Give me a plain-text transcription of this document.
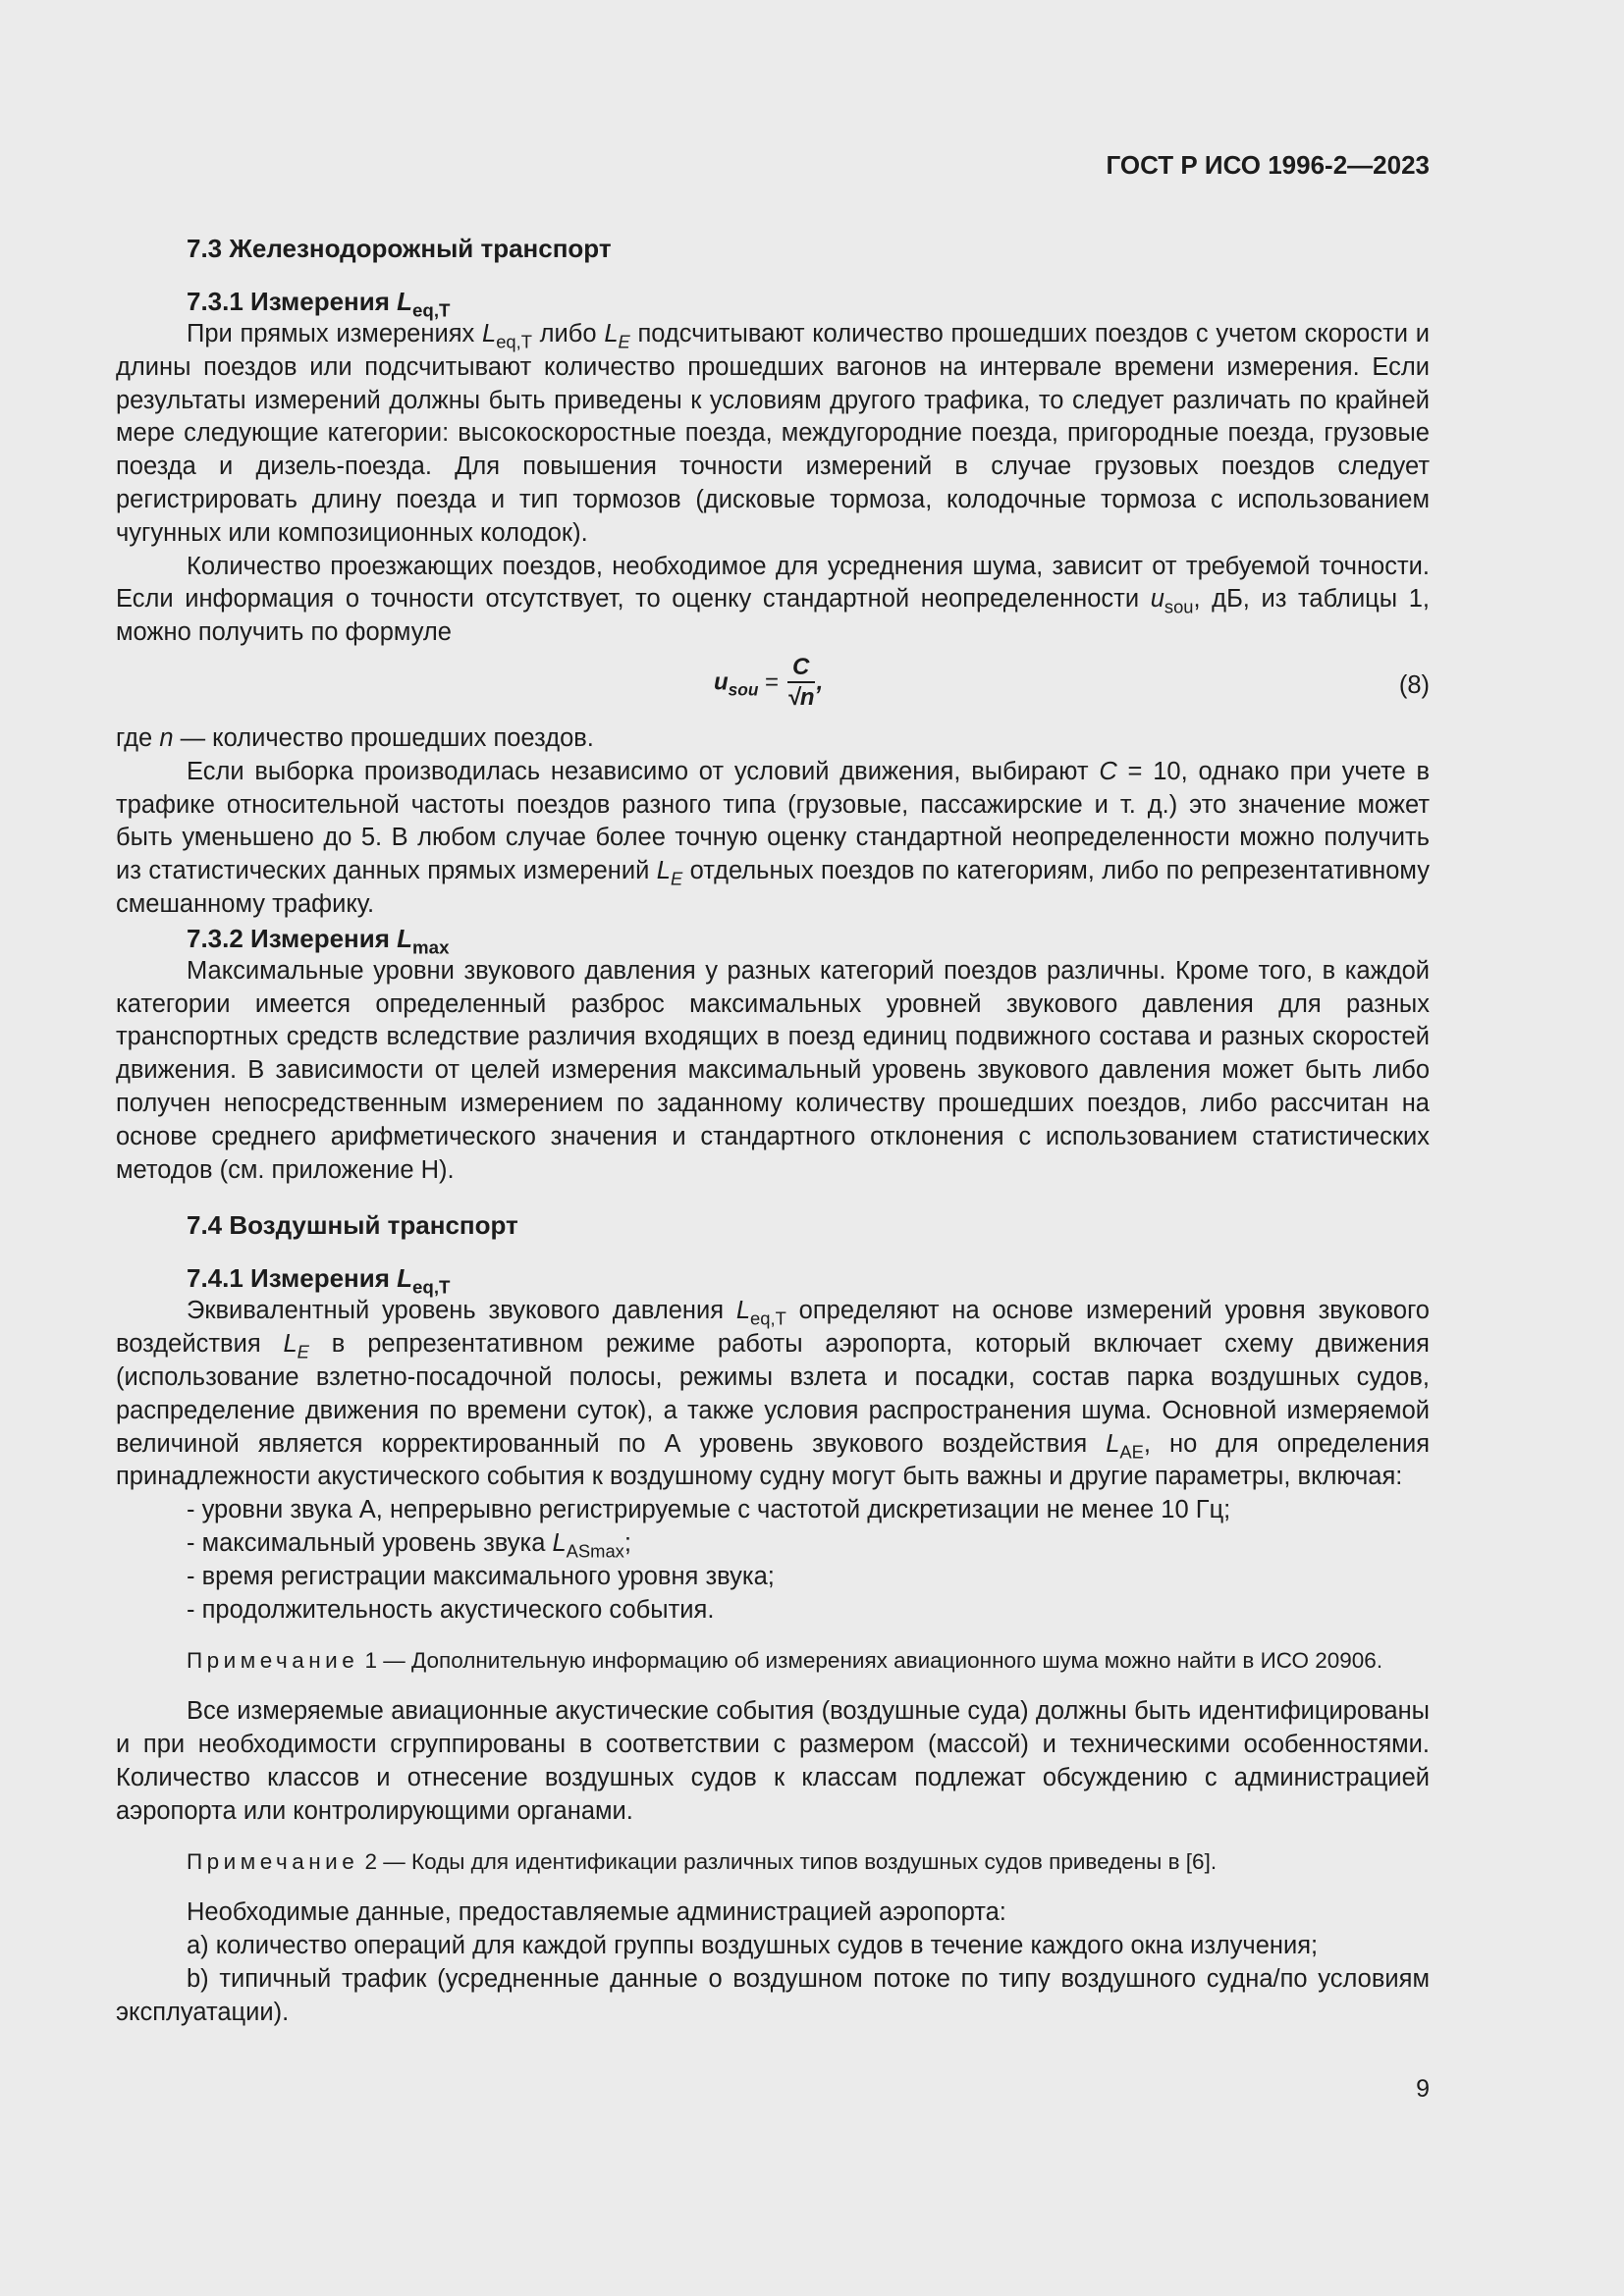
ГОСТ Р ИСО 1996-2—2023
7.3 Железнодорожный транспорт
7.3.1 Измерения $L_{eq,T}$

При прямых измерениях $L_{eq,T}$ либо $L_E$ подсчитывают количество прошедших поездов с учетом скорости и длины поездов или подсчитывают количество прошедших вагонов на интервале времени измерения. Если результаты измерений должны быть приведены к условиям другого трафика, то следует различать по крайней мере следующие категории: высокоскоростные поезда, междугородние поезда, пригородные поезда, грузовые поезда и дизель-поезда. Для повышения точности измерений в случае грузовых поездов следует регистрировать длину поезда и тип тормозов (дисковые тормоза, колодочные тормоза с использованием чугунных или композиционных колодок).

Количество проезжающих поездов, необходимое для усреднения шума, зависит от требуемой точности. Если информация о точности отсутствует, то оценку стандартной неопределенности $u_{sou}$, дБ, из таблицы 1, можно получить по формуле

$u_{sou} = \frac{C}{√n}$ ,	(8)

где n — количество прошедших поездов.

Если выборка производилась независимо от условий движения, выбирают C = 10, однако при учете в трафике относительной частоты поездов разного типа (грузовые, пассажирские и т. д.) это значение может быть уменьшено до 5. В любом случае более точную оценку стандартной неопределенности можно получить из статистических данных прямых измерений $L_E$ отдельных поездов по категориям, либо по репрезентативному смешанному трафику.

7.3.2 Измерения $L_{max}$

Максимальные уровни звукового давления у разных категорий поездов различны. Кроме того, в каждой категории имеется определенный разброс максимальных уровней звукового давления для разных транспортных средств вследствие различия входящих в поезд единиц подвижного состава и разных скоростей движения. В зависимости от целей измерения максимальный уровень звукового давления может быть либо получен непосредственным измерением по заданному количеству прошедших поездов, либо рассчитан на основе среднего арифметического значения и стандартного отклонения с использованием статистических методов (см. приложение Н).

7.4 Воздушный транспорт
7.4.1 Измерения $L_{eq,T}$

Эквивалентный уровень звукового давления $L_{eq,T}$ определяют на основе измерений уровня звукового воздействия $L_E$ в репрезентативном режиме работы аэропорта, который включает схему движения (использование взлетно-посадочной полосы, режимы взлета и посадки, состав парка воздушных судов, распределение движения по времени суток), а также условия распространения шума. Основной измеряемой величиной является корректированный по А уровень звукового воздействия $L_{AE}$, но для определения принадлежности акустического события к воздушному судну могут быть важны и другие параметры, включая:

- уровни звука А, непрерывно регистрируемые с частотой дискретизации не менее 10 Гц;
- максимальный уровень звука $L_{ASmax}$;
- время регистрации максимального уровня звука;
- продолжительность акустического события.

Примечание 1 — Дополнительную информацию об измерениях авиационного шума можно найти в ИСО 20906.

Все измеряемые авиационные акустические события (воздушные суда) должны быть идентифицированы и при необходимости сгруппированы в соответствии с размером (массой) и техническими особенностями. Количество классов и отнесение воздушных судов к классам подлежат обсуждению с администрацией аэропорта или контролирующими органами.

Примечание 2 — Коды для идентификации различных типов воздушных судов приведены в [6].

Необходимые данные, предоставляемые администрацией аэропорта:

а) количество операций для каждой группы воздушных судов в течение каждого окна излучения;

b) типичный трафик (усредненные данные о воздушном потоке по типу воздушного судна/по условиям эксплуатации).

9
